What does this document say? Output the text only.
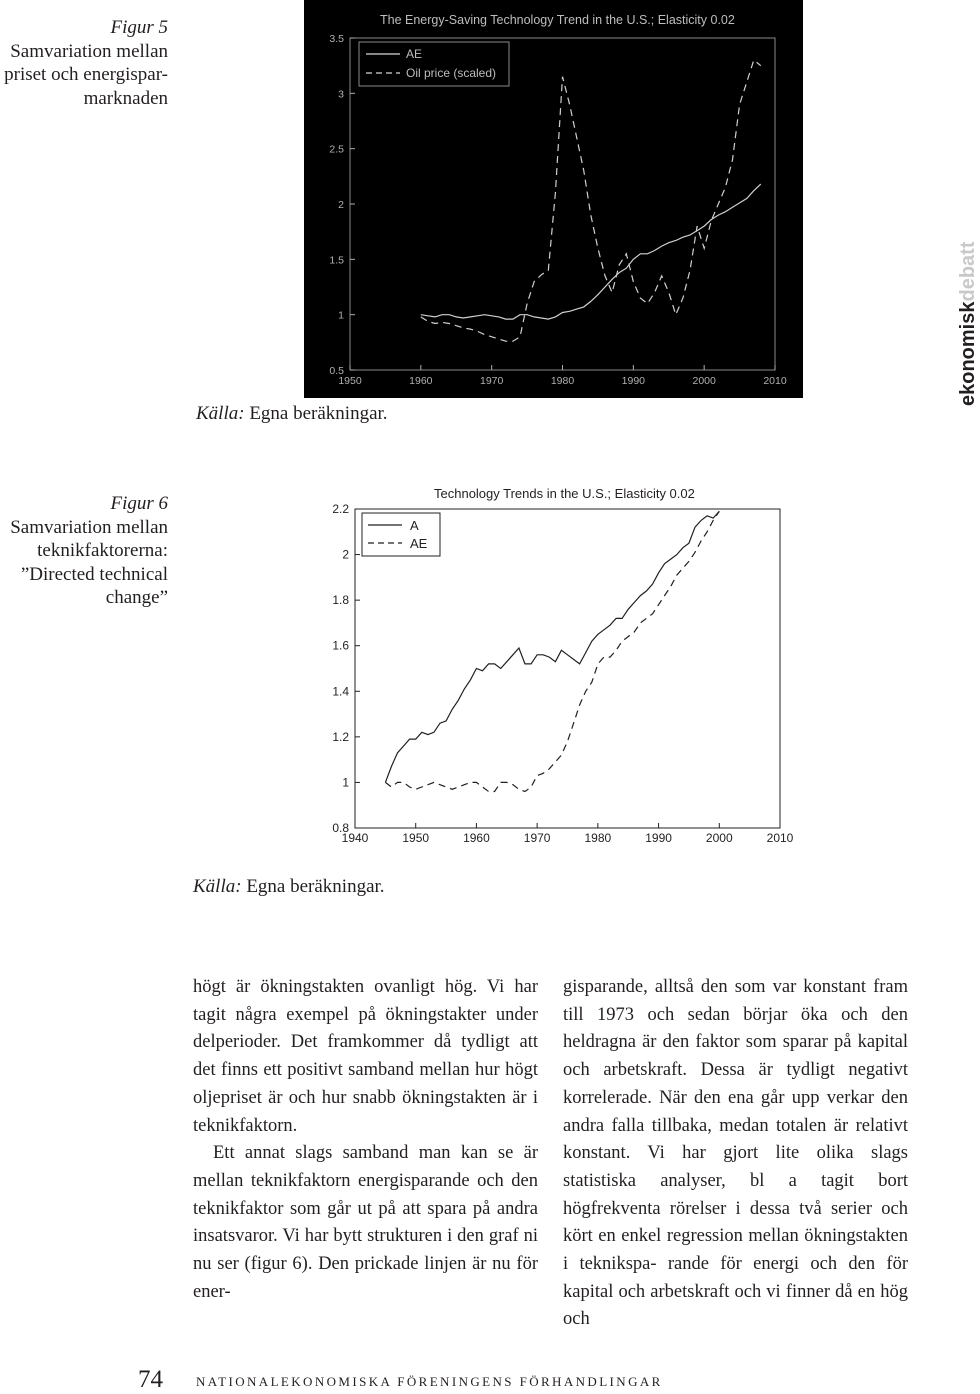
Figur 5
Samvariation mellan
priset och energispar-
marknaden
The Energy-Saving Technology Trend in the U.S.; Elasticity 0.02
AE
Oil price (scaled)
1950	1960	1970	1980	1990	2000	2010
0.5
1
1.5
2
2.5
3
3.5
Källa: Egna beräkningar.
ekonomiskdebatt
Figur 6
Samvariation mellan
teknikfaktorerna:
”Directed technical
change”
Technology Trends in the U.S.; Elasticity 0.02
A
AE
1940	1950	1960	1970	1980	1990	2000	2010
0.8
1
1.2
1.4
1.6
1.8
2
2.2
Källa: Egna beräkningar.

högt är ökningstakten ovanligt hög. Vi har tagit några exempel på ökningstakter under delperioder. Det framkommer då tydligt att det finns ett positivt samband mellan hur högt oljepriset är och hur snabb ökningstakten är i teknikfaktorn.

Ett annat slags samband man kan se är mellan teknikfaktorn energisparande och den teknikfaktor som går ut på att spara på andra insatsvaror. Vi har bytt strukturen i den graf ni nu ser (figur 6). Den prickade linjen är nu för ener-

gisparande, alltså den som var konstant fram till 1973 och sedan börjar öka och den heldragna är den faktor som sparar på kapital och arbetskraft. Dessa är tydligt negativt korrelerade. När den ena går upp verkar den andra falla tillbaka, medan totalen är relativt konstant. Vi har gjort lite olika slags statistiska analyser, bl a tagit bort högfrekventa rörelser i dessa två serier och kört en enkel regression mellan ökningstakten i teknikspa- rande för energi och den för kapital och arbetskraft och vi finner då en hög och

74	NATIONALEKONOMISKA FÖRENINGENS FÖRHANDLINGAR
